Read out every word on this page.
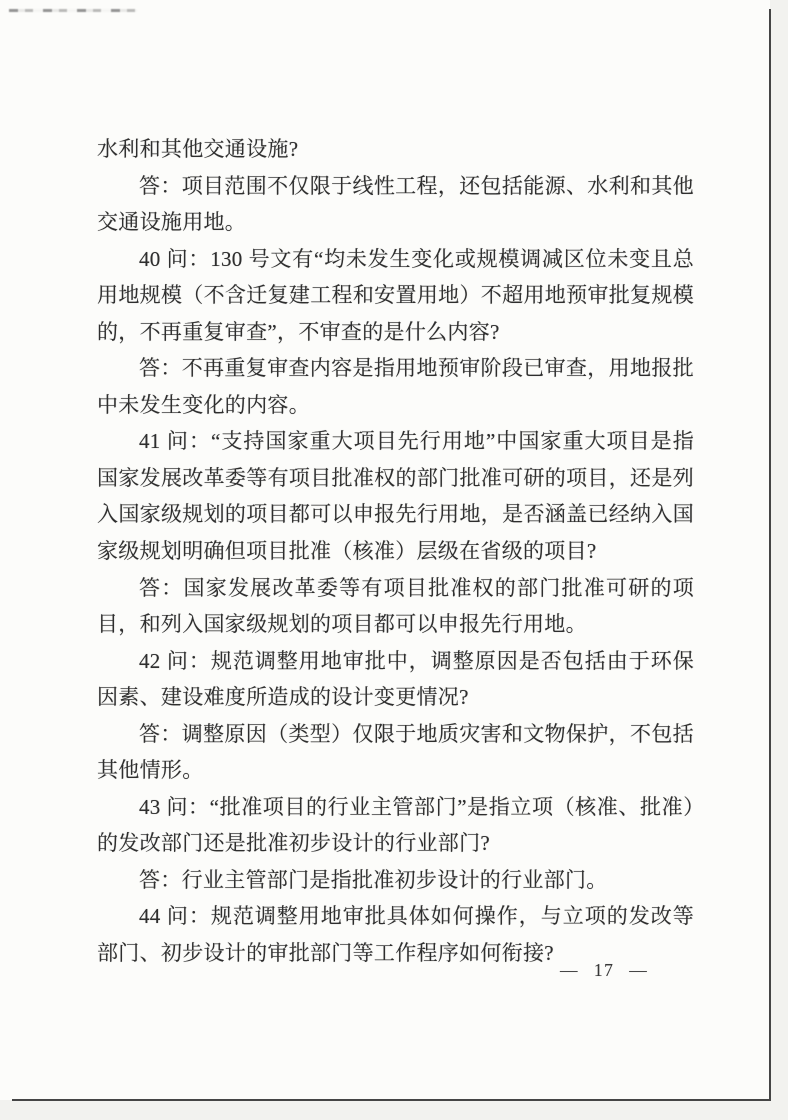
水利和其他交通设施?

答：项目范围不仅限于线性工程，还包括能源、水利和其他交通设施用地。

40 问：130 号文有“均未发生变化或规模调减区位未变且总用地规模（不含迁复建工程和安置用地）不超用地预审批复规模的，不再重复审查”，不审查的是什么内容?

答：不再重复审查内容是指用地预审阶段已审查，用地报批中未发生变化的内容。

41 问：“支持国家重大项目先行用地”中国家重大项目是指国家发展改革委等有项目批准权的部门批准可研的项目，还是列入国家级规划的项目都可以申报先行用地，是否涵盖已经纳入国家级规划明确但项目批准（核准）层级在省级的项目?

答：国家发展改革委等有项目批准权的部门批准可研的项目，和列入国家级规划的项目都可以申报先行用地。

42 问：规范调整用地审批中，调整原因是否包括由于环保因素、建设难度所造成的设计变更情况?

答：调整原因（类型）仅限于地质灾害和文物保护，不包括其他情形。

43 问：“批准项目的行业主管部门”是指立项（核准、批准）的发改部门还是批准初步设计的行业部门?

答：行业主管部门是指批准初步设计的行业部门。

44 问：规范调整用地审批具体如何操作，与立项的发改等部门、初步设计的审批部门等工作程序如何衔接?

— 17 —
